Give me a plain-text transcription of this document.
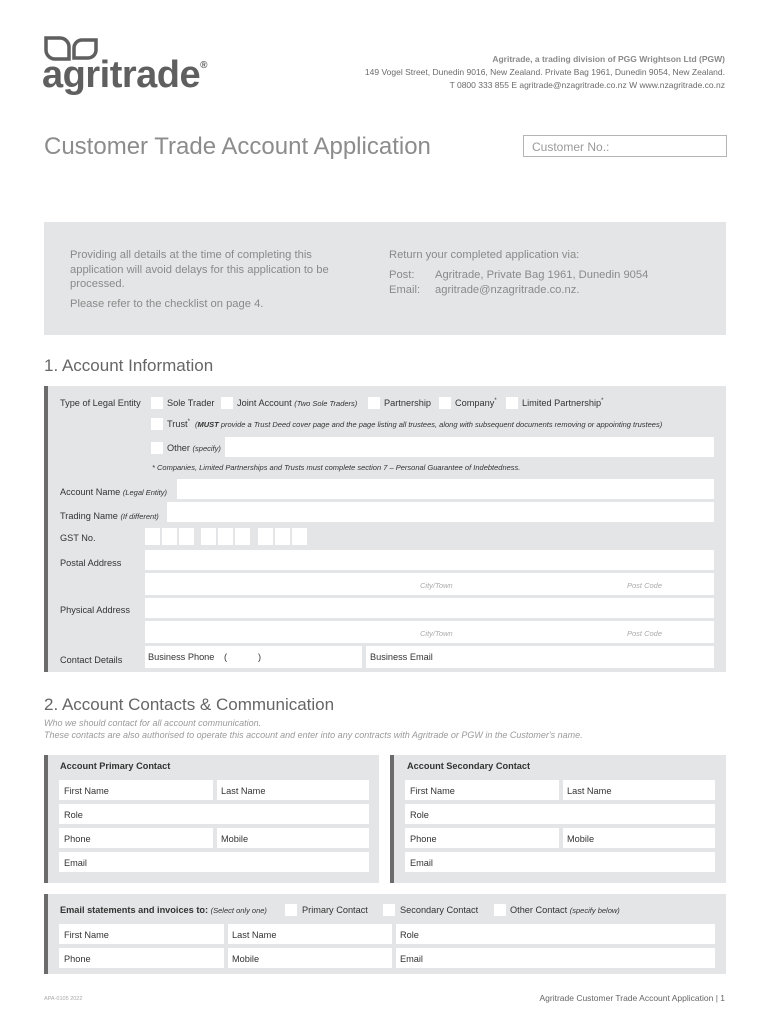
agritrade®
Agritrade, a trading division of PGG Wrightson Ltd (PGW)
149 Vogel Street, Dunedin 9016, New Zealand. Private Bag 1961, Dunedin 9054, New Zealand.
T 0800 333 855 E agritrade@nzagritrade.co.nz W www.nzagritrade.co.nz
Customer Trade Account Application	Customer No.:
Providing all details at the time of completing this application will avoid delays for this application to be processed.
Please refer to the checklist on page 4.
Return your completed application via:
Post: Agritrade, Private Bag 1961, Dunedin 9054
Email: agritrade@nzagritrade.co.nz.
1. Account Information
Type of Legal Entity	Sole Trader Joint Account (Two Sole Traders)	Partnership	Company*	Limited Partnership*
Trust* (MUST provide a Trust Deed cover page and the page listing all trustees, along with subsequent documents removing or appointing trustees)
Other (specify)
* Companies, Limited Partnerships and Trusts must complete section 7 – Personal Guarantee of Indebtedness.
Account Name (Legal Entity)
Trading Name (If different)
GST No.
Postal Address
City/Town	Post Code
Physical Address
City/Town	Post Code
Contact Details	Business Phone (	)	Business Email
2. Account Contacts & Communication
Who we should contact for all account communication.
These contacts are also authorised to operate this account and enter into any contracts with Agritrade or PGW in the Customer's name.
Account Primary Contact
First Name	Last Name
Role
Phone	Mobile
Email
Account Secondary Contact
First Name	Last Name
Role
Phone	Mobile
Email
Email statements and invoices to: (Select only one)	Primary Contact	Secondary Contact	Other Contact (specify below)
First Name	Last Name	Role
Phone	Mobile	Email
APA-0105 2022	Agritrade Customer Trade Account Application | 1
